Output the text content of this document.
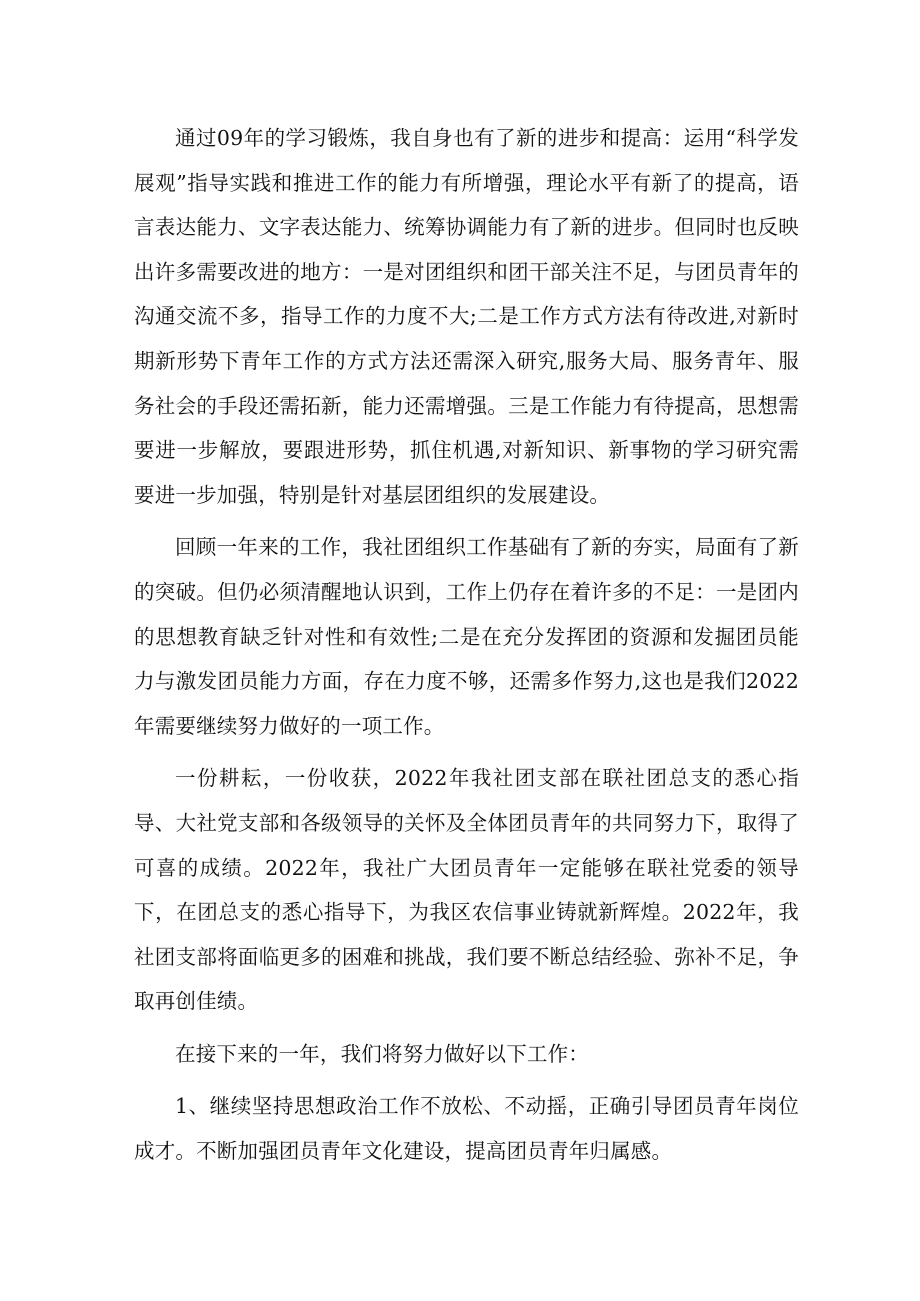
通过09年的学习锻炼，我自身也有了新的进步和提高：运用“科学发展观”指导实践和推进工作的能力有所增强，理论水平有新了的提高，语言表达能力、文字表达能力、统筹协调能力有了新的进步。但同时也反映出许多需要改进的地方：一是对团组织和团干部关注不足，与团员青年的沟通交流不多，指导工作的力度不大;二是工作方式方法有待改进,对新时期新形势下青年工作的方式方法还需深入研究,服务大局、服务青年、服务社会的手段还需拓新，能力还需增强。三是工作能力有待提高，思想需要进一步解放，要跟进形势，抓住机遇,对新知识、新事物的学习研究需要进一步加强，特别是针对基层团组织的发展建设。

回顾一年来的工作，我社团组织工作基础有了新的夯实，局面有了新的突破。但仍必须清醒地认识到，工作上仍存在着许多的不足：一是团内的思想教育缺乏针对性和有效性;二是在充分发挥团的资源和发掘团员能力与激发团员能力方面，存在力度不够，还需多作努力,这也是我们2022年需要继续努力做好的一项工作。

一份耕耘，一份收获，2022年我社团支部在联社团总支的悉心指导、大社党支部和各级领导的关怀及全体团员青年的共同努力下，取得了可喜的成绩。2022年，我社广大团员青年一定能够在联社党委的领导下，在团总支的悉心指导下，为我区农信事业铸就新辉煌。2022年，我社团支部将面临更多的困难和挑战，我们要不断总结经验、弥补不足，争取再创佳绩。

在接下来的一年，我们将努力做好以下工作：

1、继续坚持思想政治工作不放松、不动摇，正确引导团员青年岗位成才。不断加强团员青年文化建设，提高团员青年归属感。
